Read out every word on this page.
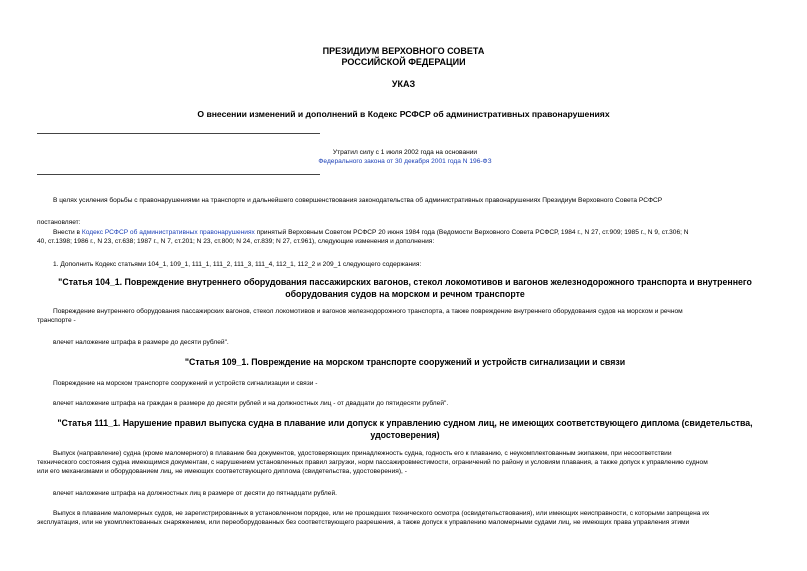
ПРЕЗИДИУМ ВЕРХОВНОГО СОВЕТА
РОССИЙСКОЙ ФЕДЕРАЦИИ
УКАЗ
О внесении изменений и дополнений в Кодекс РСФСР об административных правонарушениях
Утратил силу с 1 июля 2002 года на основании
Федерального закона от 30 декабря 2001 года N 196-ФЗ
В целях усиления борьбы с правонарушениями на транспорте и дальнейшего совершенствования законодательства об административных правонарушениях Президиум Верховного Совета РСФСР
постановляет:
Внести в Кодекс РСФСР об административных правонарушениях принятый Верховным Советом РСФСР 20 июня 1984 года (Ведомости Верховного Совета РСФСР, 1984 г., N 27, ст.909; 1985 г., N 9, ст.306; N
40, ст.1398; 1986 г., N 23, ст.638; 1987 г., N 7, ст.201; N 23, ст.800; N 24, ст.839; N 27, ст.961), следующие изменения и дополнения:
1. Дополнить Кодекс статьями 104_1, 109_1, 111_1, 111_2, 111_3, 111_4, 112_1, 112_2 и 209_1 следующего содержания:
"Статья 104_1. Повреждение внутреннего оборудования пассажирских вагонов, стекол локомотивов и вагонов железнодорожного транспорта и внутреннего
оборудования судов на морском и речном транспорте
Повреждение внутреннего оборудования пассажирских вагонов, стекол локомотивов и вагонов железнодорожного транспорта, а также повреждение внутреннего оборудования судов на морском и речном
транспорте -
влечет наложение штрафа в размере до десяти рублей".
"Статья 109_1. Повреждение на морском транспорте сооружений и устройств сигнализации и связи
Повреждение на морском транспорте сооружений и устройств сигнализации и связи -
влечет наложение штрафа на граждан в размере до десяти рублей и на должностных лиц - от двадцати до пятидесяти рублей".
"Статья 111_1. Нарушение правил выпуска судна в плавание или допуск к управлению судном лиц, не имеющих соответствующего диплома (свидетельства,
удостоверения)
Выпуск (направление) судна (кроме маломерного) в плавание без документов, удостоверяющих принадлежность судна, годность его к плаванию, с неукомплектованным экипажем, при несоответствии
технического состояния судна имеющимся документам, с нарушением установленных правил загрузки, норм пассажировместимости, ограничений по району и условиям плавания, а также допуск к управлению судном
или его механизмами и оборудованием лиц, не имеющих соответствующего диплома (свидетельства, удостоверения), -
влечет наложение штрафа на должностных лиц в размере от десяти до пятнадцати рублей.
Выпуск в плавание маломерных судов, не зарегистрированных в установленном порядке, или не прошедших технического осмотра (освидетельствования), или имеющих неисправности, с которыми запрещена их
эксплуатация, или не укомплектованных снаряжением, или переоборудованных без соответствующего разрешения, а также допуск к управлению маломерными судами лиц, не имеющих права управления этими
